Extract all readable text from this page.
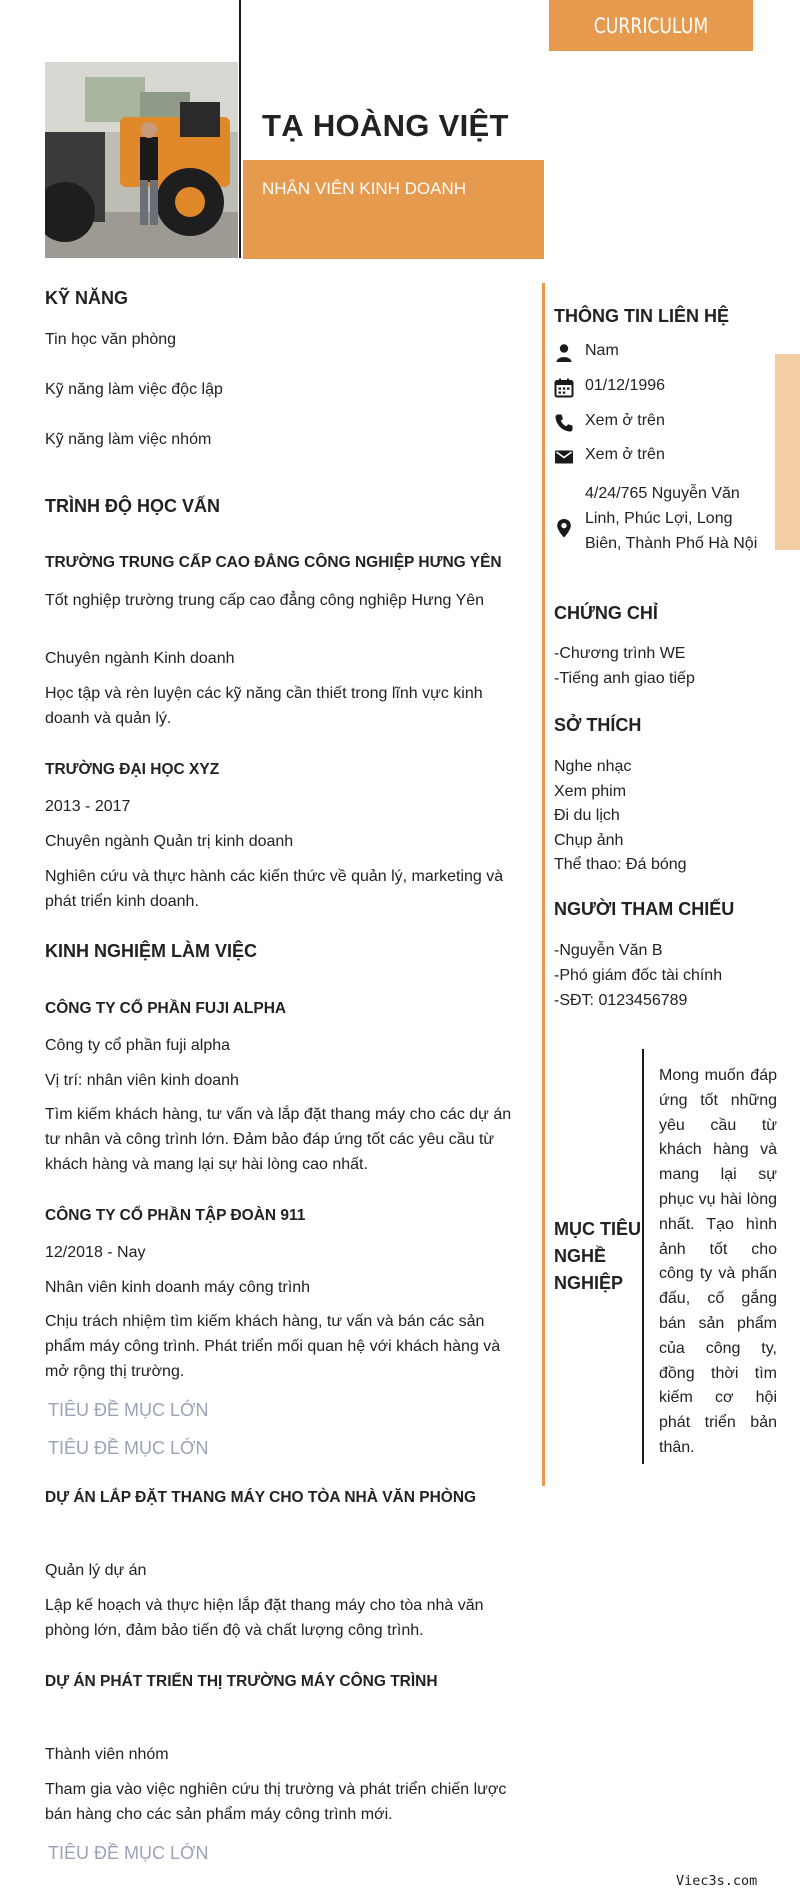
CURRICULUM VITAE
TẠ HOÀNG VIỆT
NHÂN VIÊN KINH DOANH
KỸ NĂNG
Tin học văn phòng
Kỹ năng làm việc độc lập
Kỹ năng làm việc nhóm
TRÌNH ĐỘ HỌC VẤN
TRƯỜNG TRUNG CẤP CAO ĐẲNG CÔNG NGHIỆP HƯNG YÊN
Tốt nghiệp trường trung cấp cao đẳng công nghiệp Hưng Yên
Chuyên ngành Kinh doanh
Học tập và rèn luyện các kỹ năng cần thiết trong lĩnh vực kinh doanh và quản lý.
TRƯỜNG ĐẠI HỌC XYZ
2013 - 2017
Chuyên ngành Quản trị kinh doanh
Nghiên cứu và thực hành các kiến thức về quản lý, marketing và phát triển kinh doanh.
KINH NGHIỆM LÀM VIỆC
CÔNG TY CỔ PHẦN FUJI ALPHA
Công ty cổ phần fuji alpha
Vị trí: nhân viên kinh doanh
Tìm kiếm khách hàng, tư vấn và lắp đặt thang máy cho các dự án tư nhân và công trình lớn. Đảm bảo đáp ứng tốt các yêu cầu từ khách hàng và mang lại sự hài lòng cao nhất.
CÔNG TY CỔ PHẦN TẬP ĐOÀN 911
12/2018 - Nay
Nhân viên kinh doanh máy công trình
Chịu trách nhiệm tìm kiếm khách hàng, tư vấn và bán các sản phẩm máy công trình. Phát triển mối quan hệ với khách hàng và mở rộng thị trường.
TIÊU ĐỀ MỤC LỚN
TIÊU ĐỀ MỤC LỚN
DỰ ÁN LẮP ĐẶT THANG MÁY CHO TÒA NHÀ VĂN PHÒNG
Quản lý dự án
Lập kế hoạch và thực hiện lắp đặt thang máy cho tòa nhà văn phòng lớn, đảm bảo tiến độ và chất lượng công trình.
DỰ ÁN PHÁT TRIỂN THỊ TRƯỜNG MÁY CÔNG TRÌNH
Thành viên nhóm
Tham gia vào việc nghiên cứu thị trường và phát triển chiến lược bán hàng cho các sản phẩm máy công trình mới.
TIÊU ĐỀ MỤC LỚN
THÔNG TIN LIÊN HỆ
Nam
01/12/1996
Xem ở trên
Xem ở trên
4/24/765 Nguyễn Văn Linh, Phúc Lợi, Long Biên, Thành Phố Hà Nội
CHỨNG CHỈ
-Chương trình WE
-Tiếng anh giao tiếp
SỞ THÍCH
Nghe nhạc
Xem phim
Đi du lịch
Chụp ảnh
Thể thao: Đá bóng
NGƯỜI THAM CHIẾU
-Nguyễn Văn B
-Phó giám đốc tài chính
-SĐT: 0123456789
MỤC TIÊU NGHỀ NGHIỆP
Mong muốn đáp ứng tốt những yêu cầu từ khách hàng và mang lại sự phục vụ hài lòng nhất. Tạo hình ảnh tốt cho công ty và phấn đấu, cố gắng bán sản phẩm của công ty, đồng thời tìm kiếm cơ hội phát triển bản thân.
Viec3s.com
